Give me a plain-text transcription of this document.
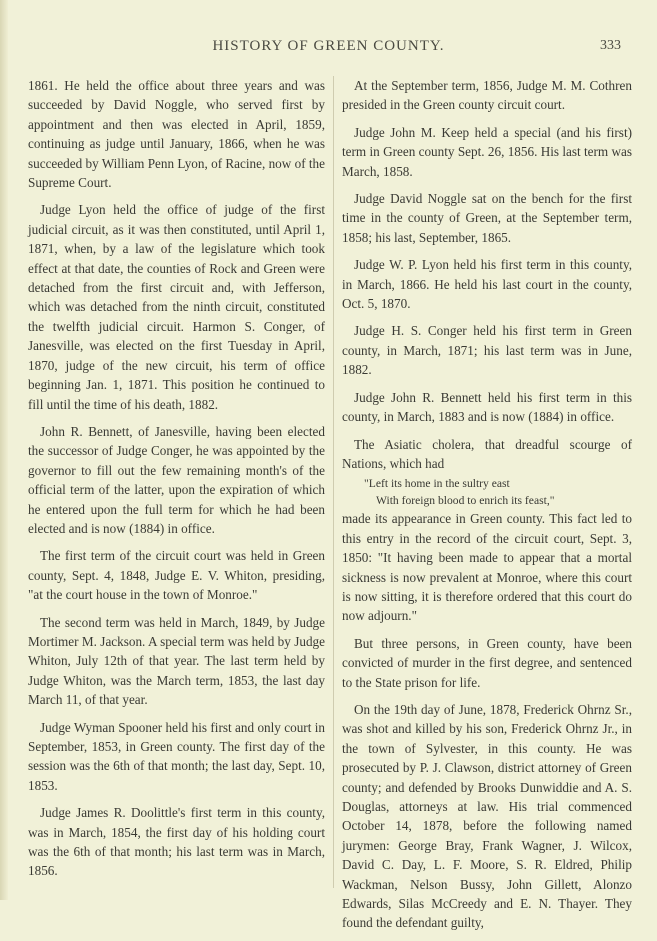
HISTORY OF GREEN COUNTY.	333

1861. He held the office about three years and was succeeded by David Noggle, who served first by appointment and then was elected in April, 1859, continuing as judge until January, 1866, when he was succeeded by William Penn Lyon, of Racine, now of the Supreme Court.

Judge Lyon held the office of judge of the first judicial circuit, as it was then constituted, until April 1, 1871, when, by a law of the legislature which took effect at that date, the counties of Rock and Green were detached from the first circuit and, with Jefferson, which was detached from the ninth circuit, constituted the twelfth judicial circuit. Harmon S. Conger, of Janesville, was elected on the first Tuesday in April, 1870, judge of the new circuit, his term of office beginning Jan. 1, 1871. This position he continued to fill until the time of his death, 1882.

John R. Bennett, of Janesville, having been elected the successor of Judge Conger, he was appointed by the governor to fill out the few remaining month's of the official term of the latter, upon the expiration of which he entered upon the full term for which he had been elected and is now (1884) in office.

The first term of the circuit court was held in Green county, Sept. 4, 1848, Judge E. V. Whiton, presiding, "at the court house in the town of Monroe."

The second term was held in March, 1849, by Judge Mortimer M. Jackson. A special term was held by Judge Whiton, July 12th of that year. The last term held by Judge Whiton, was the March term, 1853, the last day March 11, of that year.

Judge Wyman Spooner held his first and only court in September, 1853, in Green county. The first day of the session was the 6th of that month; the last day, Sept. 10, 1853.

Judge James R. Doolittle's first term in this county, was in March, 1854, the first day of his holding court was the 6th of that month; his last term was in March, 1856.

At the September term, 1856, Judge M. M. Cothren presided in the Green county circuit court.

Judge John M. Keep held a special (and his first) term in Green county Sept. 26, 1856. His last term was March, 1858.

Judge David Noggle sat on the bench for the first time in the county of Green, at the September term, 1858; his last, September, 1865.

Judge W. P. Lyon held his first term in this county, in March, 1866. He held his last court in the county, Oct. 5, 1870.

Judge H. S. Conger held his first term in Green county, in March, 1871; his last term was in June, 1882.

Judge John R. Bennett held his first term in this county, in March, 1883 and is now (1884) in office.

The Asiatic cholera, that dreadful scourge of Nations, which had

"Left its home in the sultry east
With foreign blood to enrich its feast,"

made its appearance in Green county. This fact led to this entry in the record of the circuit court, Sept. 3, 1850: "It having been made to appear that a mortal sickness is now prevalent at Monroe, where this court is now sitting, it is therefore ordered that this court do now adjourn."

But three persons, in Green county, have been convicted of murder in the first degree, and sentenced to the State prison for life.

On the 19th day of June, 1878, Frederick Ohrnz Sr., was shot and killed by his son, Frederick Ohrnz Jr., in the town of Sylvester, in this county. He was prosecuted by P. J. Clawson, district attorney of Green county; and defended by Brooks Dunwiddie and A. S. Douglas, attorneys at law. His trial commenced October 14, 1878, before the following named jurymen: George Bray, Frank Wagner, J. Wilcox, David C. Day, L. F. Moore, S. R. Eldred, Philip Wackman, Nelson Bussy, John Gillett, Alonzo Edwards, Silas McCreedy and E. N. Thayer. They found the defendant guilty,
